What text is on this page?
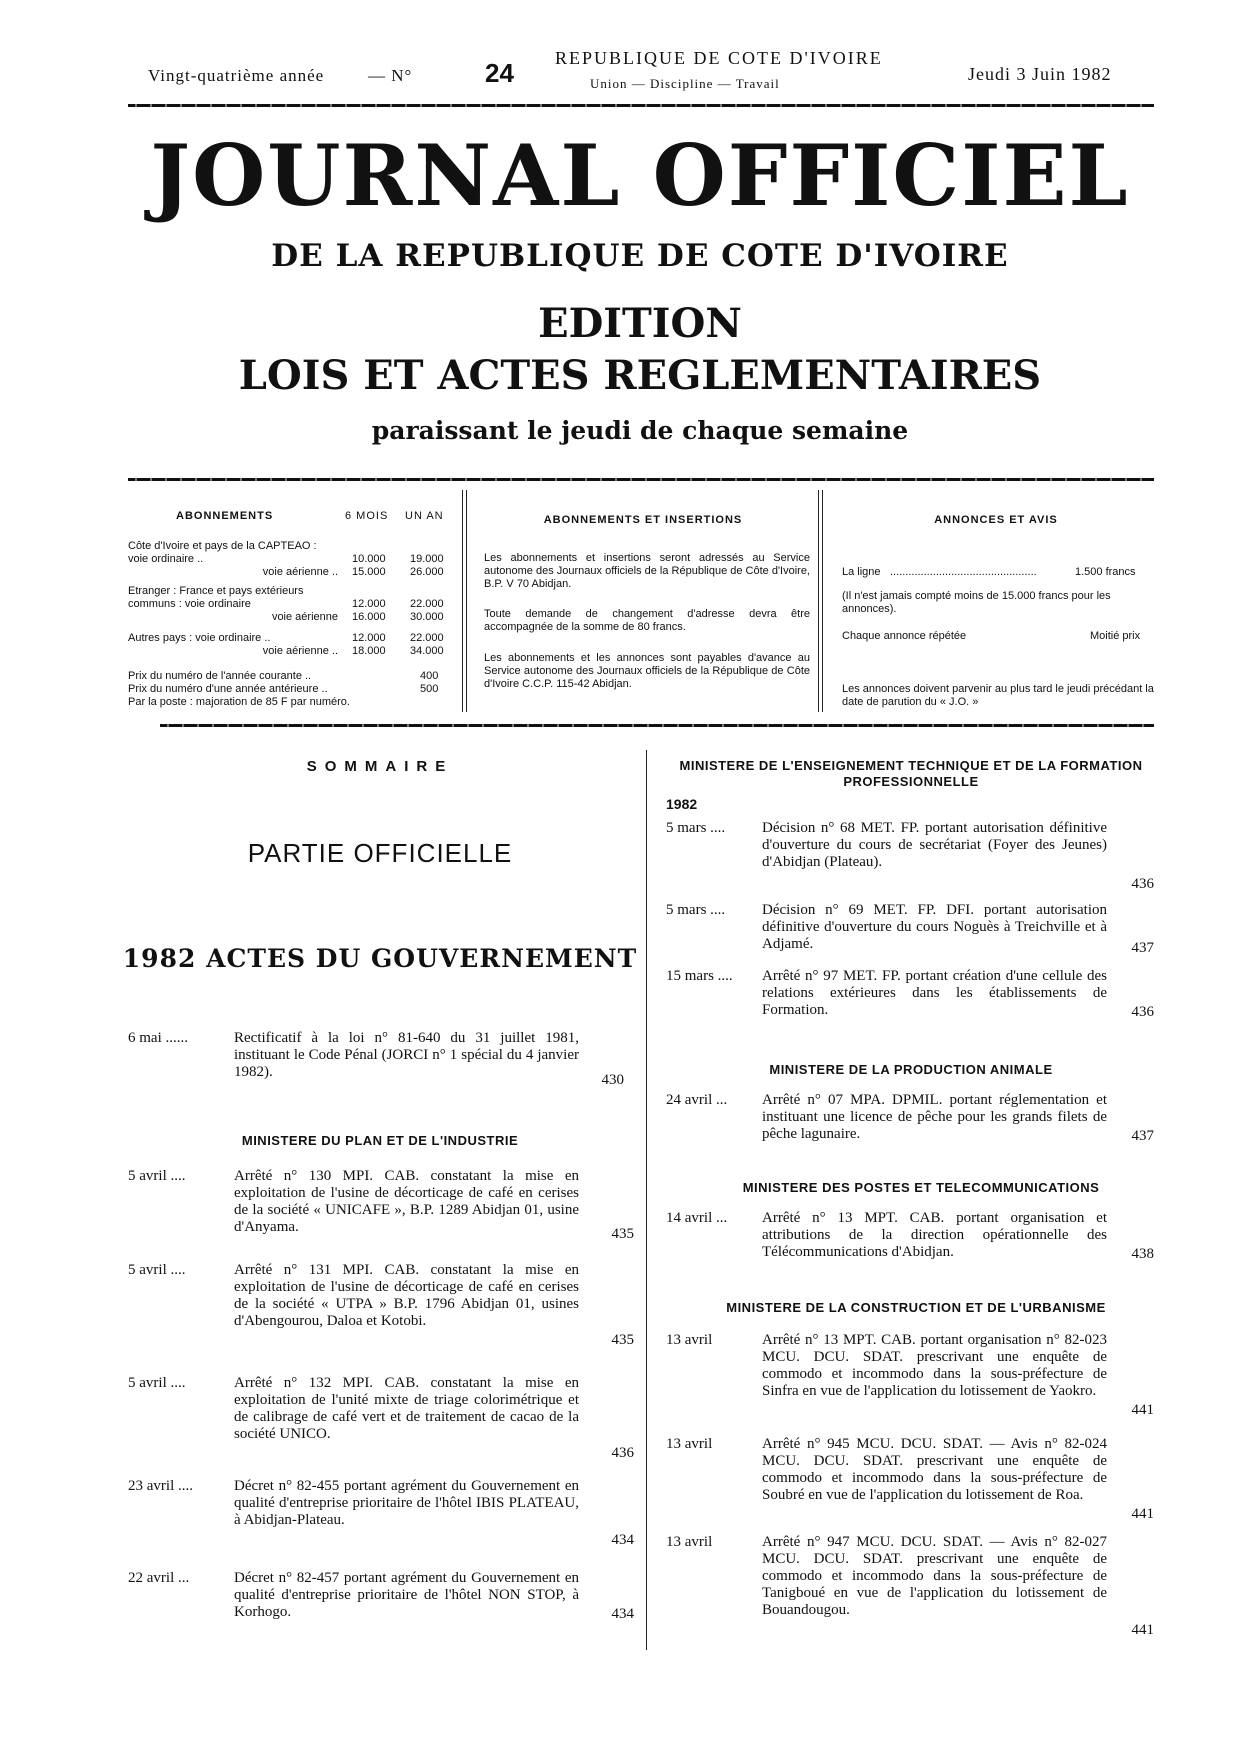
Vingt-quatrième année	— N°	24 REPUBLIQUE DE COTE D'IVOIRE
Union — Discipline — Travail	Jeudi 3 Juin 1982
JOURNAL OFFICIEL
DE LA REPUBLIQUE DE COTE D'IVOIRE
EDITION
LOIS ET ACTES REGLEMENTAIRES
paraissant le jeudi de chaque semaine
ABONNEMENTS	6 MOIS UN AN
Côte d'Ivoire et pays de la CAPTEAO : voie ordinaire ..	10.000 19.000
voie aérienne .. 15.000 26.000
Etranger : France et pays extérieurs communs : voie ordinaire	12.000 22.000
voie aérienne 16.000 30.000
Autres pays : voie ordinaire ..	12.000 22.000
voie aérienne .. 18.000 34.000
Prix du numéro de l'année courante ..	400
Prix du numéro d'une année antérieure ..	500
Par la poste : majoration de 85 F par numéro.
ABONNEMENTS ET INSERTIONS
Les abonnements et insertions seront adressés au Service autonome des Journaux officiels de la République de Côte d'Ivoire, B.P. V 70 Abidjan.
Toute demande de changement d'adresse devra être accompagnée de la somme de 80 francs.
Les abonnements et les annonces sont payables d'avance au Service autonome des Journaux officiels de la République de Côte d'Ivoire C.C.P. 115-42 Abidjan.
ANNONCES ET AVIS
La ligne ................................................	1.500 francs
(Il n'est jamais compté moins de 15.000 francs pour les annonces).
Chaque annonce répétée	Moitié prix
Les annonces doivent parvenir au plus tard le jeudi précédant la date de parution du « J.O. »
SOMMAIRE
PARTIE OFFICIELLE
1982 ACTES DU GOUVERNEMENT
6 mai ......	Rectificatif à la loi n° 81-640 du 31 juillet 1981, instituant le Code Pénal (JORCI n° 1 spécial du 4 janvier 1982).	430
MINISTERE DU PLAN ET DE L'INDUSTRIE
5 avril ....	Arrêté n° 130 MPI. CAB. constatant la mise en exploitation de l'usine de décorticage de café en cerises de la société « UNICAFE », B.P. 1289 Abidjan 01, usine d'Anyama.	435
5 avril ....	Arrêté n° 131 MPI. CAB. constatant la mise en exploitation de l'usine de décorticage de café en cerises de la société « UTPA » B.P. 1796 Abidjan 01, usines d'Abengourou, Daloa et Kotobi.
435
5 avril ....	Arrêté n° 132 MPI. CAB. constatant la mise en exploitation de l'unité mixte de triage colorimétrique et de calibrage de café vert et de traitement de cacao de la société UNICO.
436
23 avril ....	Décret n° 82-455 portant agrément du Gouvernement en qualité d'entreprise prioritaire de l'hôtel IBIS PLATEAU, à Abidjan-Plateau.
434
22 avril ...	Décret n° 82-457 portant agrément du Gouvernement en qualité d'entreprise prioritaire de l'hôtel NON STOP, à Korhogo.	434
MINISTERE DE L'ENSEIGNEMENT TECHNIQUE ET DE LA FORMATION PROFESSIONNELLE
1982
5 mars .... Décision n° 68 MET. FP. portant autorisation définitive d'ouverture du cours de secrétariat (Foyer des Jeunes) d'Abidjan (Plateau).
436
5 mars .... Décision n° 69 MET. FP. DFI. portant autorisation définitive d'ouverture du cours Noguès à Treichville et à Adjamé.	437
15 mars .... Arrêté n° 97 MET. FP. portant création d'une cellule des relations extérieures dans les établissements de Formation.	436
MINISTERE DE LA PRODUCTION ANIMALE
24 avril ... Arrêté n° 07 MPA. DPMIL. portant réglementation et instituant une licence de pêche pour les grands filets de pêche lagunaire.	437
MINISTERE DES POSTES ET TELECOMMUNICATIONS
14 avril ... Arrêté n° 13 MPT. CAB. portant organisation et attributions de la direction opérationnelle des Télécommunications d'Abidjan.	438
MINISTERE DE LA CONSTRUCTION ET DE L'URBANISME
13 avril	Arrêté n° 13 MPT. CAB. portant organisation n° 82-023 MCU. DCU. SDAT. prescrivant une enquête de commodo et incommodo dans la sous-préfecture de Sinfra en vue de l'application du lotissement de Yaokro.
441
13 avril	Arrêté n° 945 MCU. DCU. SDAT. — Avis n° 82-024 MCU. DCU. SDAT. prescrivant une enquête de commodo et incommodo dans la sous-préfecture de Soubré en vue de l'application du lotissement de Roa.
441
13 avril	Arrêté n° 947 MCU. DCU. SDAT. — Avis n° 82-027 MCU. DCU. SDAT. prescrivant une enquête de commodo et incommodo dans la sous-préfecture de Tanigboué en vue de l'application du lotissement de Bouandougou.
441
